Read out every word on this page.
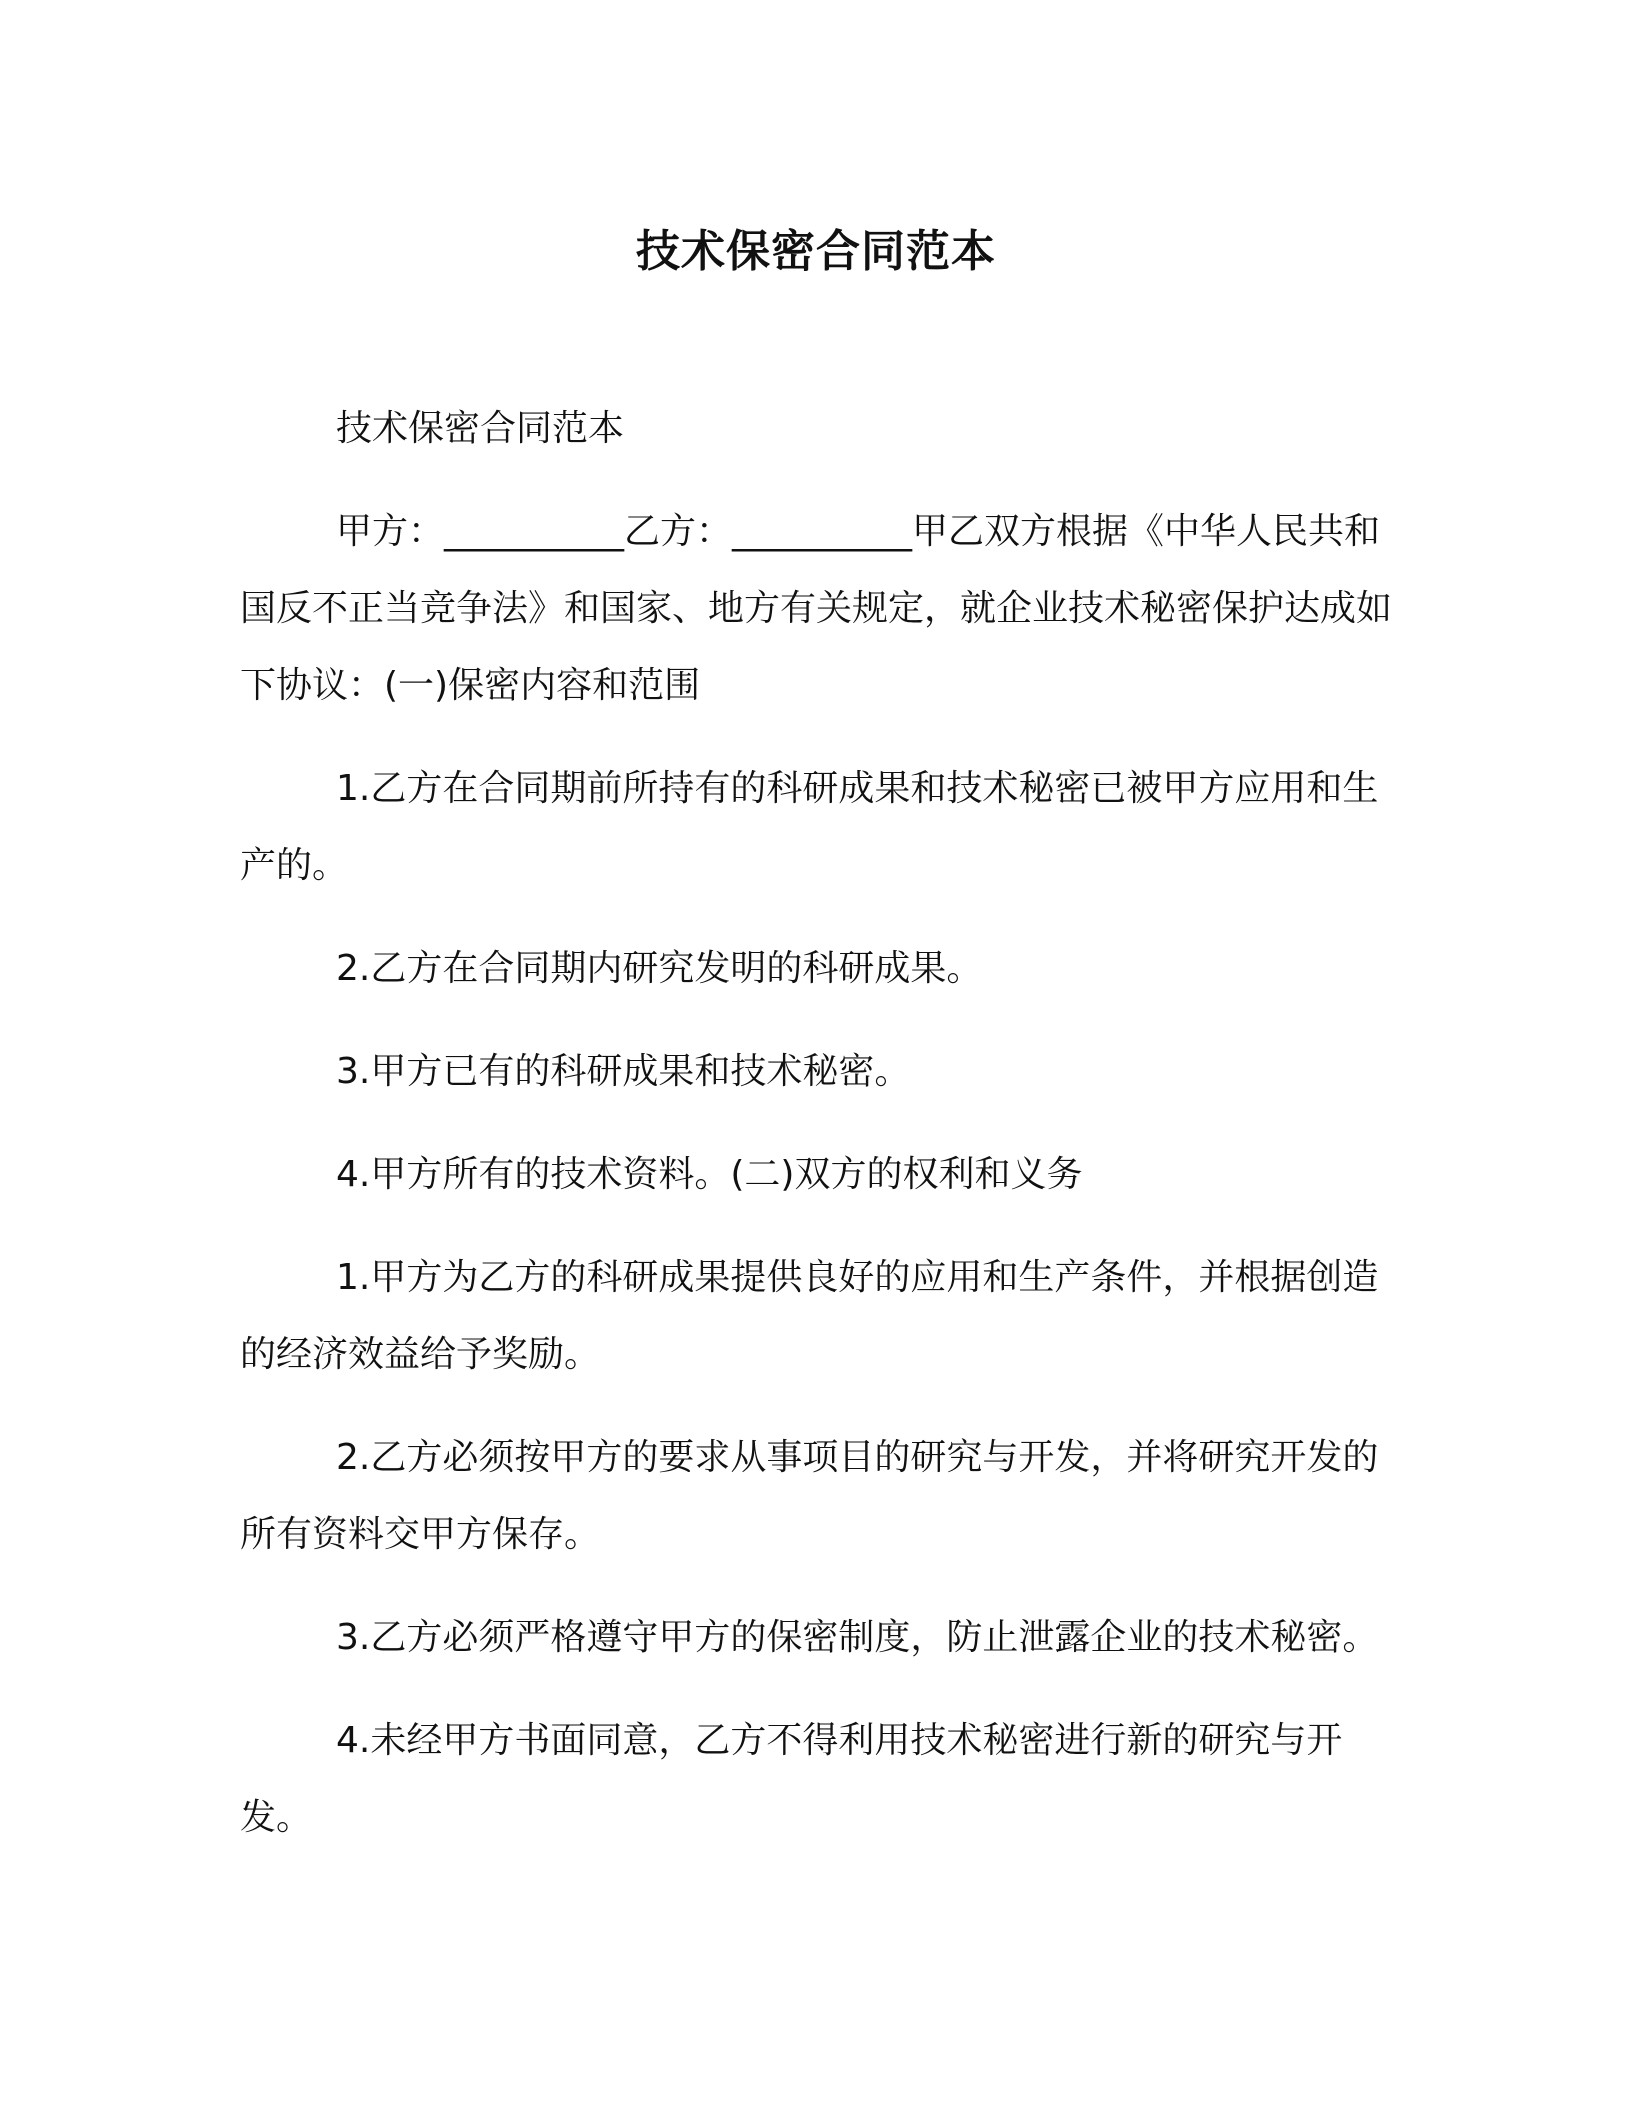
技术保密合同范本

技术保密合同范本

甲方：__________乙方：__________甲乙双方根据《中华人民共和国反不正当竞争法》和国家、地方有关规定，就企业技术秘密保护达成如下协议：(一)保密内容和范围

1.乙方在合同期前所持有的科研成果和技术秘密已被甲方应用和生产的。

2.乙方在合同期内研究发明的科研成果。

3.甲方已有的科研成果和技术秘密。

4.甲方所有的技术资料。(二)双方的权利和义务

1.甲方为乙方的科研成果提供良好的应用和生产条件，并根据创造的经济效益给予奖励。

2.乙方必须按甲方的要求从事项目的研究与开发，并将研究开发的所有资料交甲方保存。

3.乙方必须严格遵守甲方的保密制度，防止泄露企业的技术秘密。

4.未经甲方书面同意，乙方不得利用技术秘密进行新的研究与开发。
